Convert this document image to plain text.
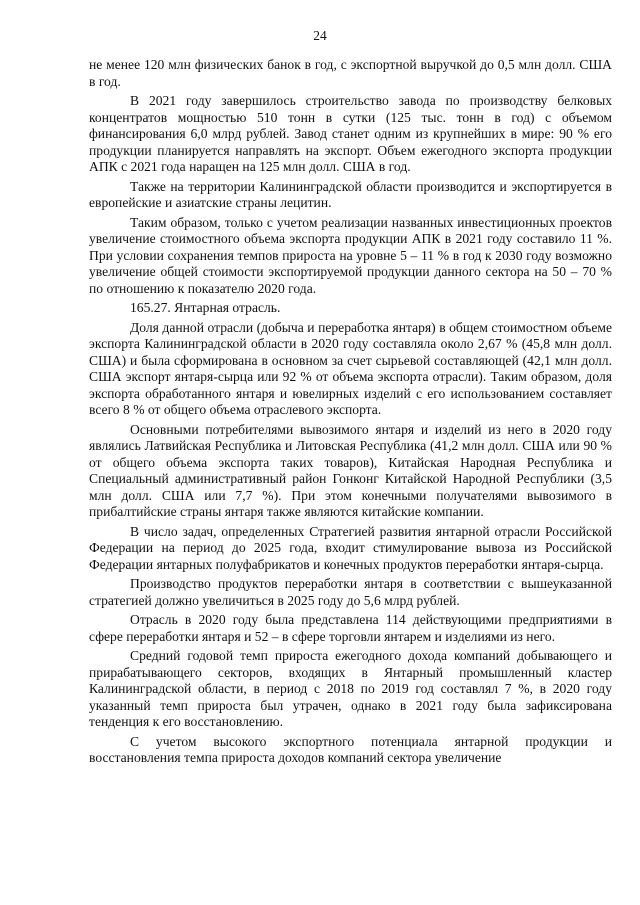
24

не менее 120 млн физических банок в год, с экспортной выручкой до 0,5 млн долл. США в год.

В 2021 году завершилось строительство завода по производству белковых концентратов мощностью 510 тонн в сутки (125 тыс. тонн в год) с объемом финансирования 6,0 млрд рублей. Завод станет одним из крупнейших в мире: 90 % его продукции планируется направлять на экспорт. Объем ежегодного экспорта продукции АПК с 2021 года наращен на 125 млн долл. США в год.

Также на территории Калининградской области производится и экспортируется в европейские и азиатские страны лецитин.

Таким образом, только с учетом реализации названных инвестиционных проектов увеличение стоимостного объема экспорта продукции АПК в 2021 году составило 11 %. При условии сохранения темпов прироста на уровне 5 – 11 % в год к 2030 году возможно увеличение общей стоимости экспортируемой продукции данного сектора на 50 – 70 % по отношению к показателю 2020 года.

165.27. Янтарная отрасль.

Доля данной отрасли (добыча и переработка янтаря) в общем стоимостном объеме экспорта Калининградской области в 2020 году составляла около 2,67 % (45,8 млн долл. США) и была сформирована в основном за счет сырьевой составляющей (42,1 млн долл. США экспорт янтаря-сырца или 92 % от объема экспорта отрасли). Таким образом, доля экспорта обработанного янтаря и ювелирных изделий с его использованием составляет всего 8 % от общего объема отраслевого экспорта.

Основными потребителями вывозимого янтаря и изделий из него в 2020 году являлись Латвийская Республика и Литовская Республика (41,2 млн долл. США или 90 % от общего объема экспорта таких товаров), Китайская Народная Республика и Специальный административный район Гонконг Китайской Народной Республики (3,5 млн долл. США или 7,7 %). При этом конечными получателями вывозимого в прибалтийские страны янтаря также являются китайские компании.

В число задач, определенных Стратегией развития янтарной отрасли Российской Федерации на период до 2025 года, входит стимулирование вывоза из Российской Федерации янтарных полуфабрикатов и конечных продуктов переработки янтаря-сырца.

Производство продуктов переработки янтаря в соответствии с вышеуказанной стратегией должно увеличиться в 2025 году до 5,6 млрд рублей.

Отрасль в 2020 году была представлена 114 действующими предприятиями в сфере переработки янтаря и 52 – в сфере торговли янтарем и изделиями из него.

Средний годовой темп прироста ежегодного дохода компаний добывающего и прирабатывающего секторов, входящих в Янтарный промышленный кластер Калининградской области, в период с 2018 по 2019 год составлял 7 %, в 2020 году указанный темп прироста был утрачен, однако в 2021 году была зафиксирована тенденция к его восстановлению.

С учетом высокого экспортного потенциала янтарной продукции и восстановления темпа прироста доходов компаний сектора увеличение
